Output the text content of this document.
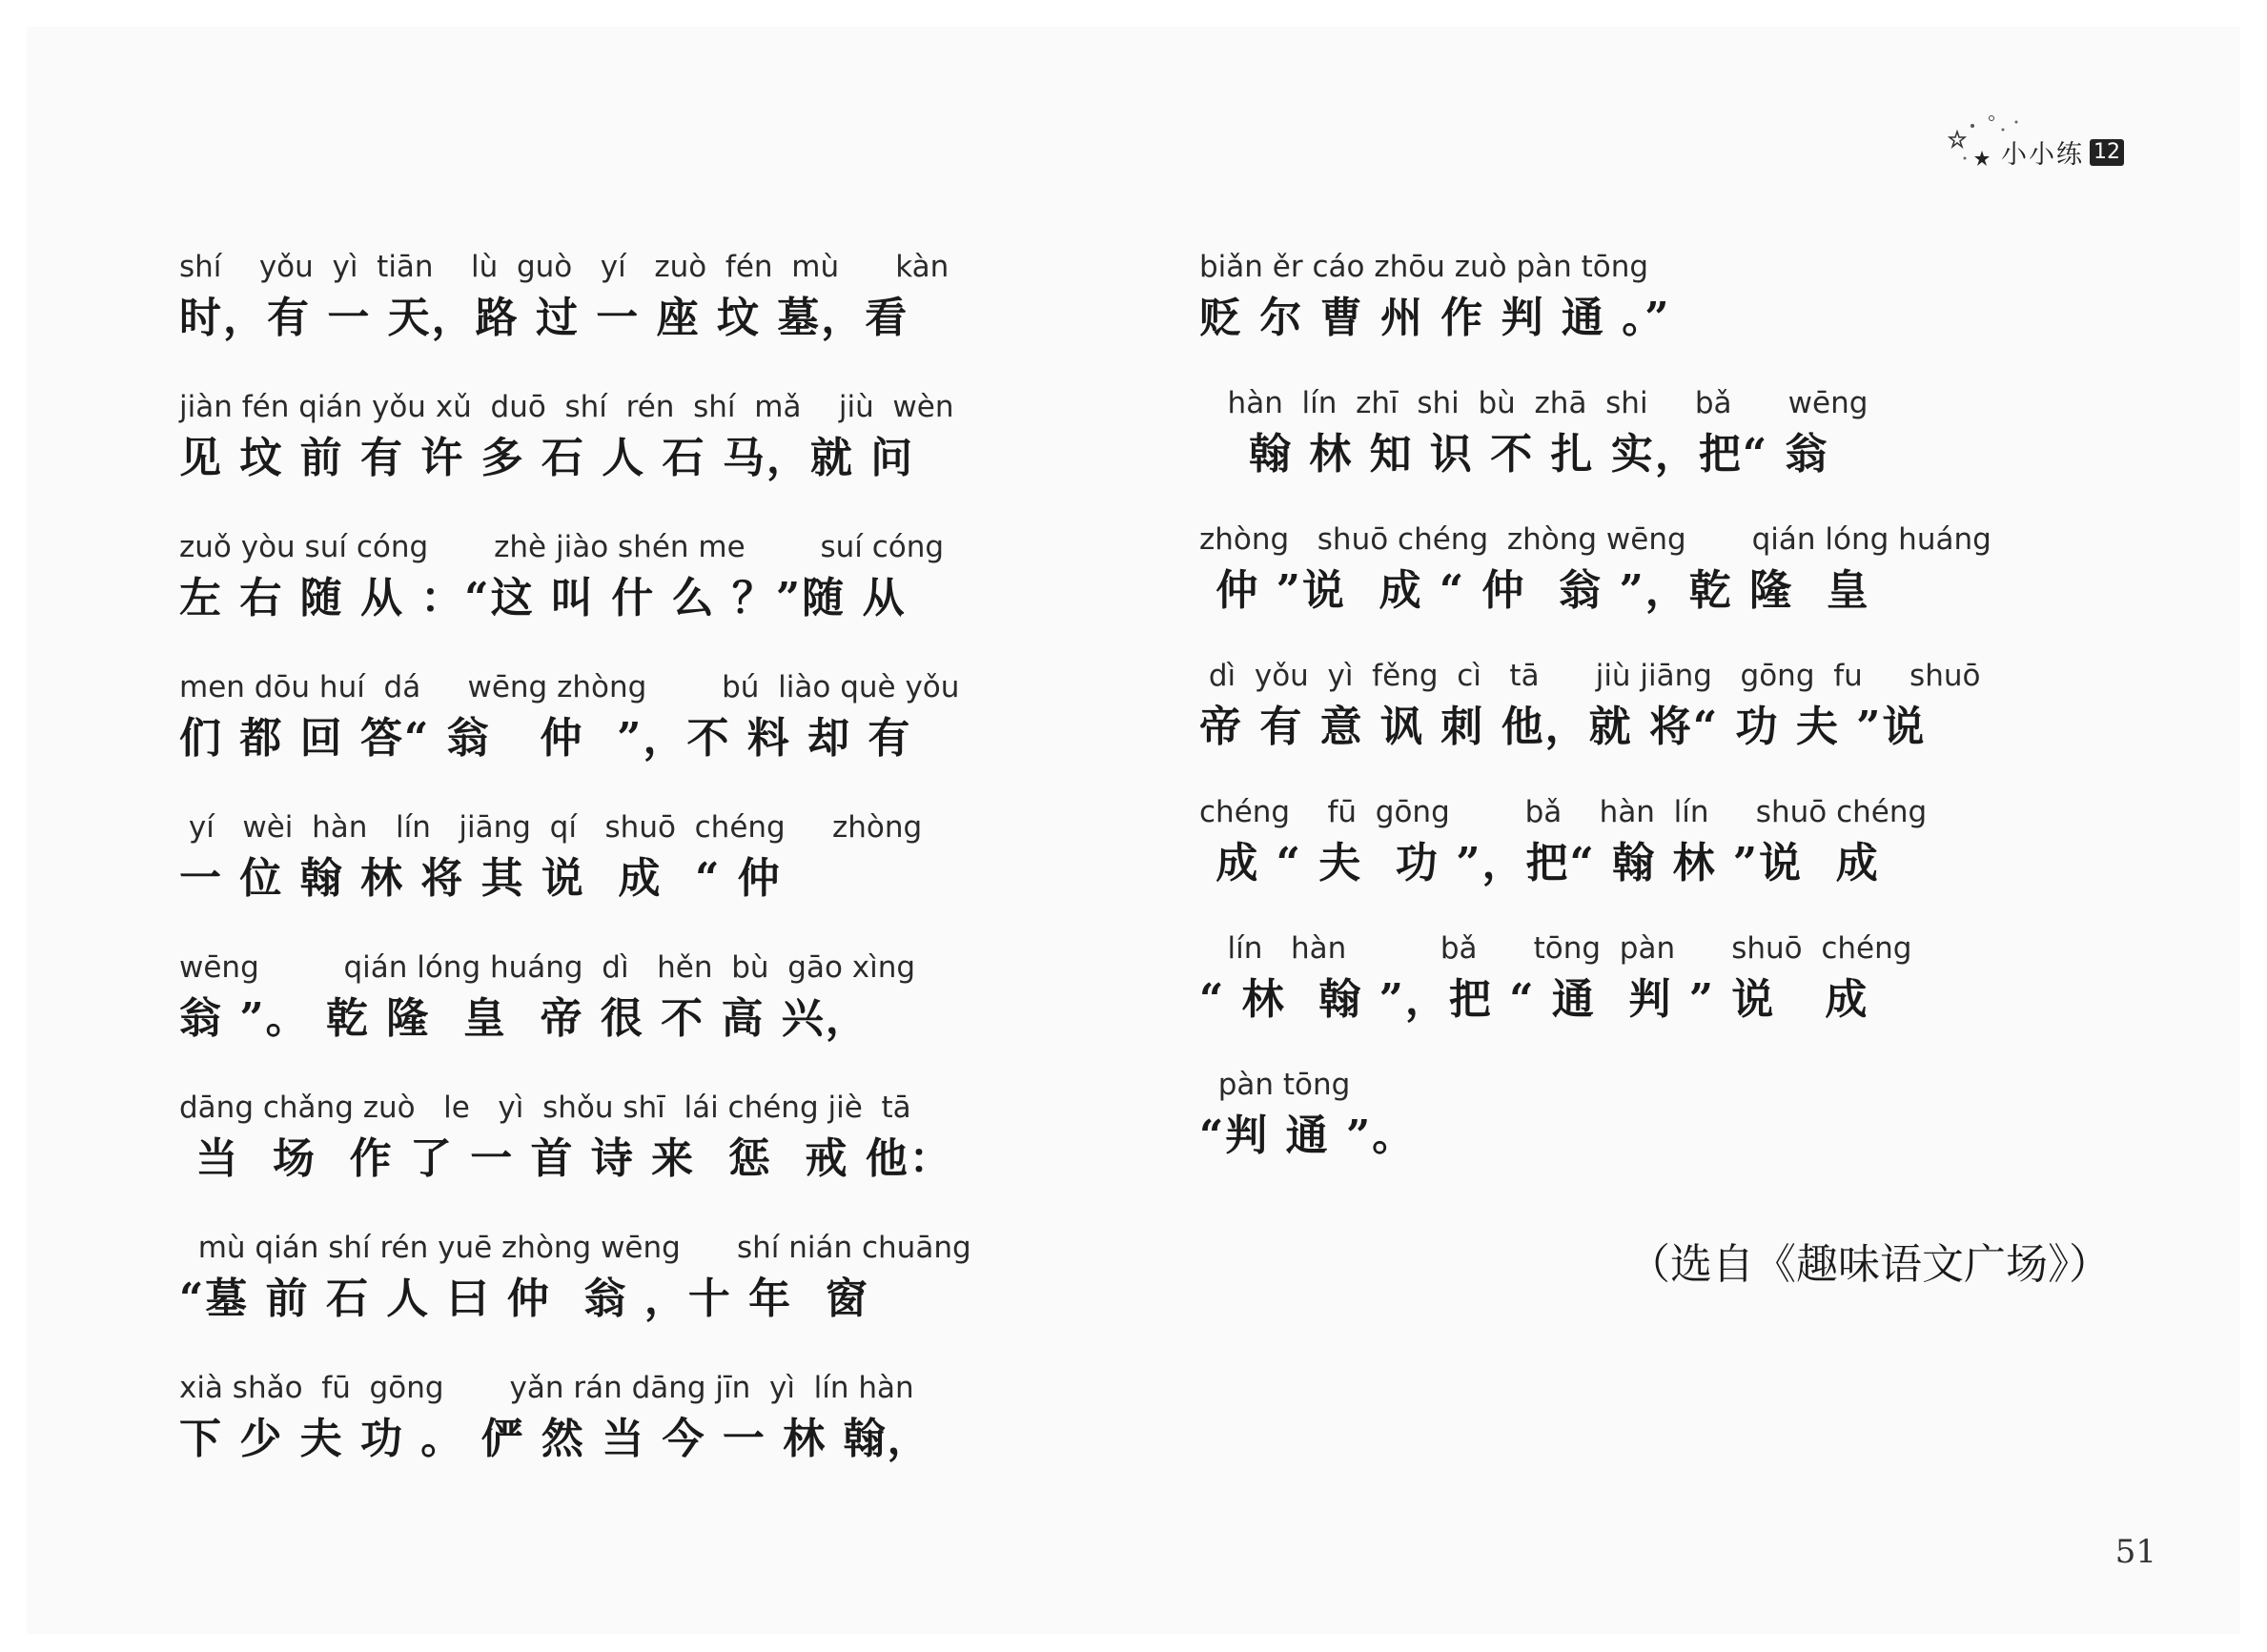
小小练 12
shí    yǒu  yì  tiān    lù  guò   yí   zuò  fén  mù      kàn
时，有 一 天，路 过 一 座 坟 墓，看
jiàn fén qián yǒu xǔ  duō  shí  rén  shí  mǎ    jiù  wèn
见 坟 前 有 许 多 石 人 石 马，就 问
zuǒ yòu suí cóng       zhè jiào shén me        suí cóng
左 右 随 从 ：“这 叫 什 么 ？”随 从
men dōu huí  dá     wēng zhòng        bú  liào què yǒu
们 都 回 答“ 翁   仲  ”，不 料 却 有
yí   wèi  hàn   lín   jiāng  qí   shuō  chéng     zhòng
一 位 翰 林 将 其 说  成  “ 仲
wēng         qián lóng huáng  dì   hěn  bù  gāo xìng
翁 ”。 乾 隆  皇  帝 很 不 高 兴，
dāng chǎng zuò   le   yì  shǒu shī  lái chéng jiè  tā
当  场  作 了 一 首 诗 来  惩  戒 他：
mù qián shí rén yuē zhòng wēng      shí nián chuāng
“墓 前 石 人 曰 仲  翁 ，十 年  窗
xià shǎo  fū  gōng       yǎn rán dāng jīn  yì  lín hàn
下 少 夫 功 。 俨 然 当 今 一 林 翰，
biǎn ěr cáo zhōu zuò pàn tōng
贬 尔 曹 州 作 判 通 。”
hàn  lín  zhī  shi  bù  zhā  shi     bǎ      wēng
翰 林 知 识 不 扎 实，把“ 翁
zhòng   shuō chéng  zhòng wēng       qián lóng huáng
仲 ”说  成 “ 仲  翁 ”，乾 隆  皇
dì  yǒu  yì  fěng  cì   tā      jiù jiāng   gōng  fu     shuō
帝 有 意 讽 刺 他，就 将“ 功 夫 ”说
chéng    fū  gōng        bǎ    hàn  lín     shuō chéng
成 “ 夫  功 ”，把“ 翰 林 ”说  成
lín   hàn          bǎ      tōng  pàn      shuō  chéng
“ 林  翰 ”，把 “ 通  判 ” 说   成
pàn tōng
“判 通 ”。
（选自《趣味语文广场》）
51
